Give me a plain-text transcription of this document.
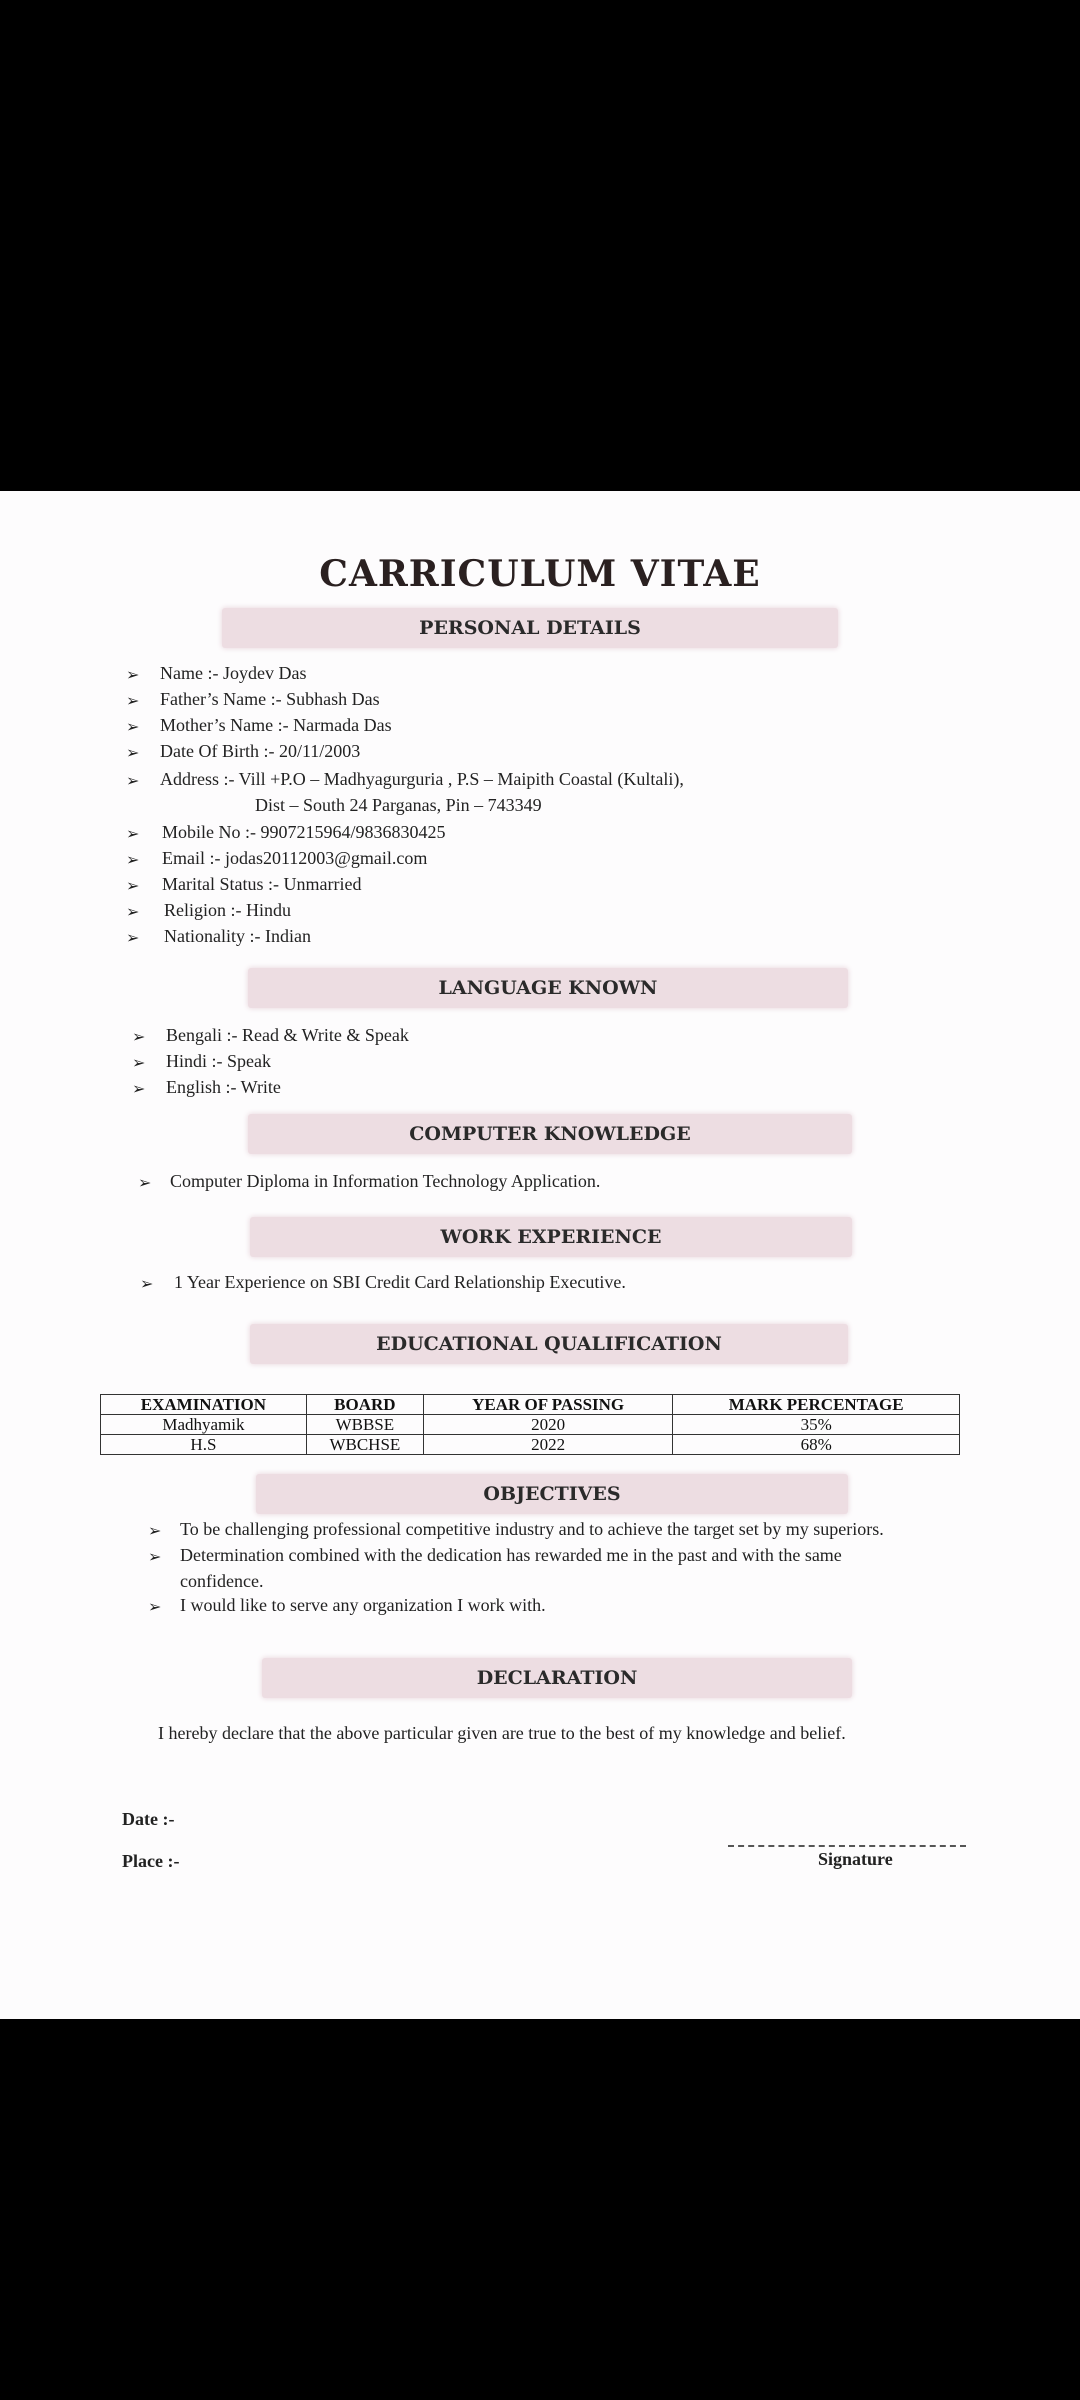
CARRICULUM VITAE
PERSONAL DETAILS
➢ Name :- Joydev Das
➢ Father’s Name :- Subhash Das
➢ Mother’s Name :- Narmada Das
➢ Date Of Birth :- 20/11/2003
➢ Address :- Vill +P.O – Madhyagurguria , P.S – Maipith Coastal (Kultali),
Dist – South 24 Parganas, Pin – 743349
➢ Mobile No :- 9907215964/9836830425
➢ Email :- jodas20112003@gmail.com
➢ Marital Status :- Unmarried
➢ Religion :- Hindu
➢ Nationality :- Indian
LANGUAGE KNOWN
➢ Bengali :- Read & Write & Speak
➢ Hindi :- Speak
➢ English :- Write
COMPUTER KNOWLEDGE
➢ Computer Diploma in Information Technology Application.
WORK EXPERIENCE
➢ 1 Year Experience on SBI Credit Card Relationship Executive.
EDUCATIONAL QUALIFICATION
EXAMINATION	BOARD	YEAR OF PASSING	MARK PERCENTAGE
Madhyamik	WBBSE	2020	35%
H.S	WBCHSE	2022	68%
OBJECTIVES
➢ To be challenging professional competitive industry and to achieve the target set by my superiors.
➢ Determination combined with the dedication has rewarded me in the past and with the same
confidence.
➢ I would like to serve any organization I work with.
DECLARATION
I hereby declare that the above particular given are true to the best of my knowledge and belief.
Date :-
Place :-	Signature
